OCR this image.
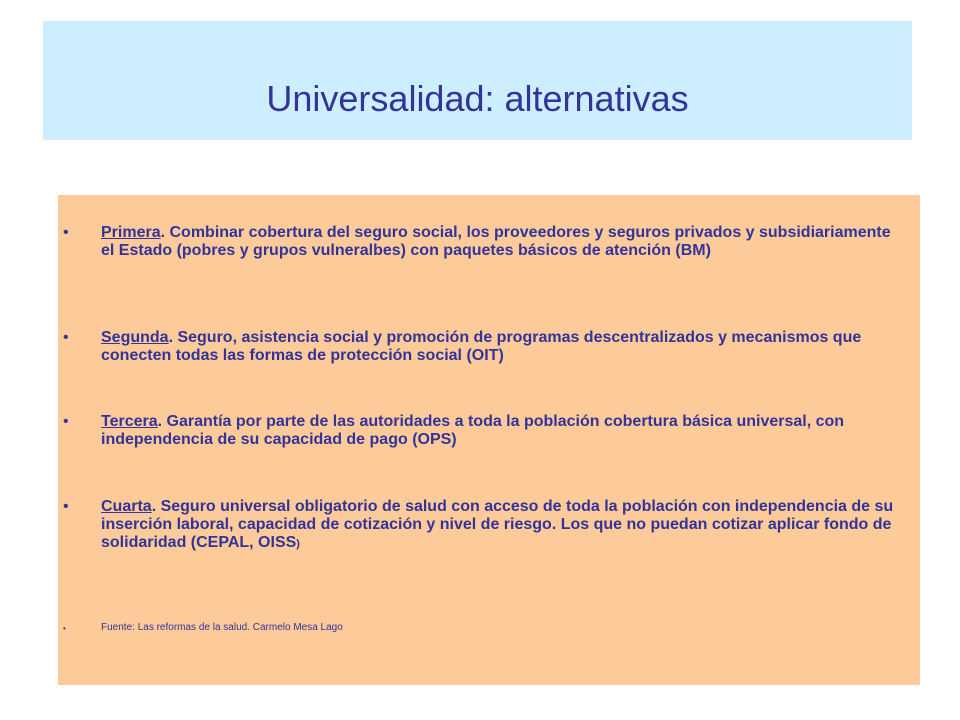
Universalidad: alternativas
•	Primera. Combinar cobertura del seguro social, los proveedores y seguros privados y subsidiariamente el Estado (pobres y grupos vulneralbes) con paquetes básicos de atención (BM)
•	Segunda. Seguro, asistencia social y promoción de programas descentralizados y mecanismos que conecten todas las formas de protección social (OIT)
•	Tercera. Garantía por parte de las autoridades a toda la población cobertura básica universal, con independencia de su capacidad de pago (OPS)
•	Cuarta. Seguro universal obligatorio de salud con acceso de toda la población con independencia de su inserción laboral, capacidad de cotización y nivel de riesgo. Los que no puedan cotizar aplicar fondo de solidaridad (CEPAL, OISS)
•	Fuente: Las reformas de la salud. Carmelo Mesa Lago
